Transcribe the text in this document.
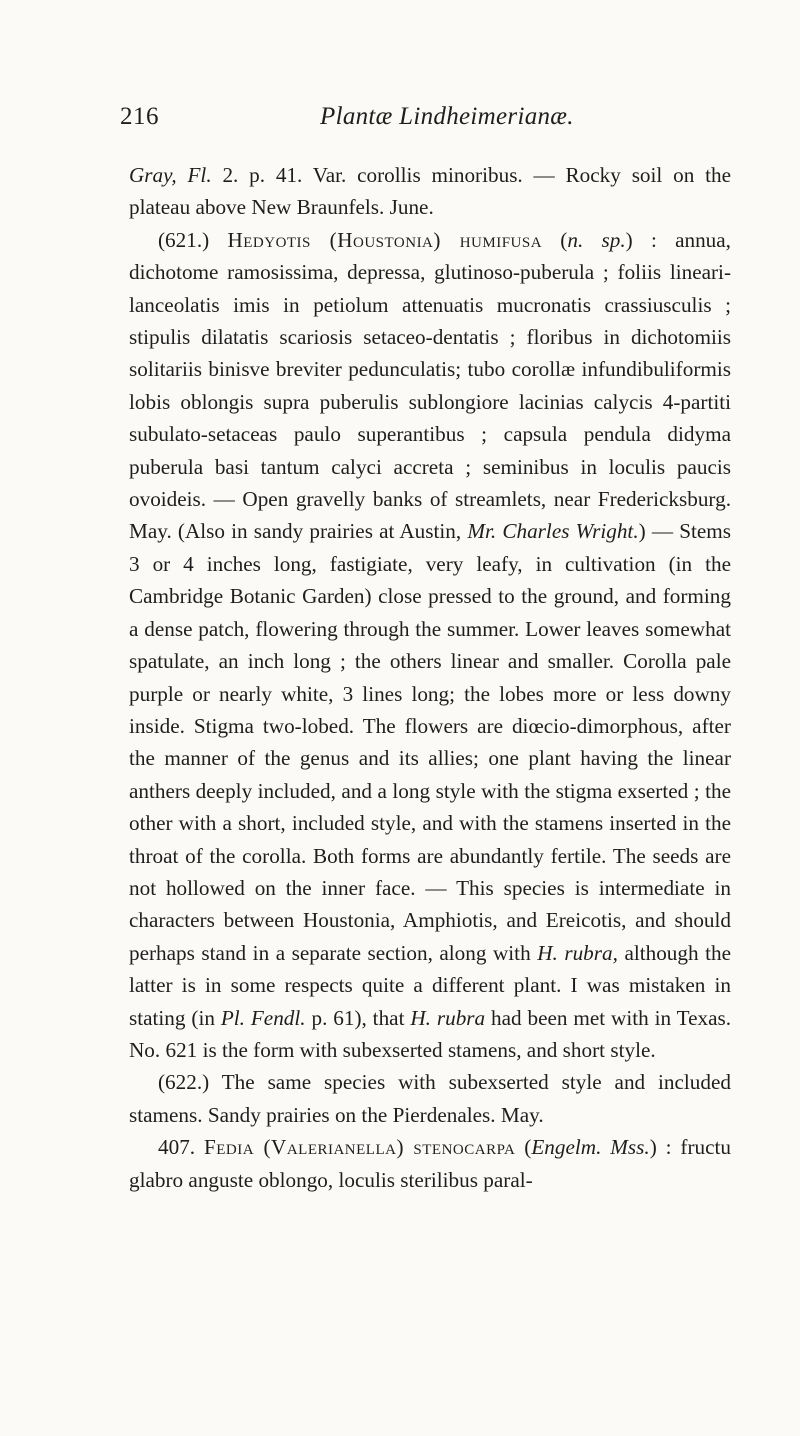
216	Plantæ Lindheimerianæ.

Gray, Fl. 2. p. 41. Var. corollis minoribus. — Rocky soil on the plateau above New Braunfels. June.

(621.) Hedyotis (Houstonia) humifusa (n. sp.) : annua, dichotome ramosissima, depressa, glutinoso-puberula ; foliis lineari-lanceolatis imis in petiolum attenuatis mucronatis crassiusculis ; stipulis dilatatis scariosis setaceo-dentatis ; floribus in dichotomiis solitariis binisve breviter pedunculatis; tubo corollæ infundibuliformis lobis oblongis supra puberulis sublongiore lacinias calycis 4-partiti subulato-setaceas paulo superantibus ; capsula pendula didyma puberula basi tantum calyci accreta ; seminibus in loculis paucis ovoideis. — Open gravelly banks of streamlets, near Fredericksburg. May. (Also in sandy prairies at Austin, Mr. Charles Wright.) — Stems 3 or 4 inches long, fastigiate, very leafy, in cultivation (in the Cambridge Botanic Garden) close pressed to the ground, and forming a dense patch, flowering through the summer. Lower leaves somewhat spatulate, an inch long ; the others linear and smaller. Corolla pale purple or nearly white, 3 lines long; the lobes more or less downy inside. Stigma two-lobed. The flowers are diœcio-dimorphous, after the manner of the genus and its allies; one plant having the linear anthers deeply included, and a long style with the stigma exserted ; the other with a short, included style, and with the stamens inserted in the throat of the corolla. Both forms are abundantly fertile. The seeds are not hollowed on the inner face. — This species is intermediate in characters between Houstonia, Amphiotis, and Ereicotis, and should perhaps stand in a separate section, along with H. rubra, although the latter is in some respects quite a different plant. I was mistaken in stating (in Pl. Fendl. p. 61), that H. rubra had been met with in Texas. No. 621 is the form with subexserted stamens, and short style.

(622.) The same species with subexserted style and included stamens. Sandy prairies on the Pierdenales. May.

407. Fedia (Valerianella) stenocarpa (Engelm. Mss.) : fructu glabro anguste oblongo, loculis sterilibus paral-
